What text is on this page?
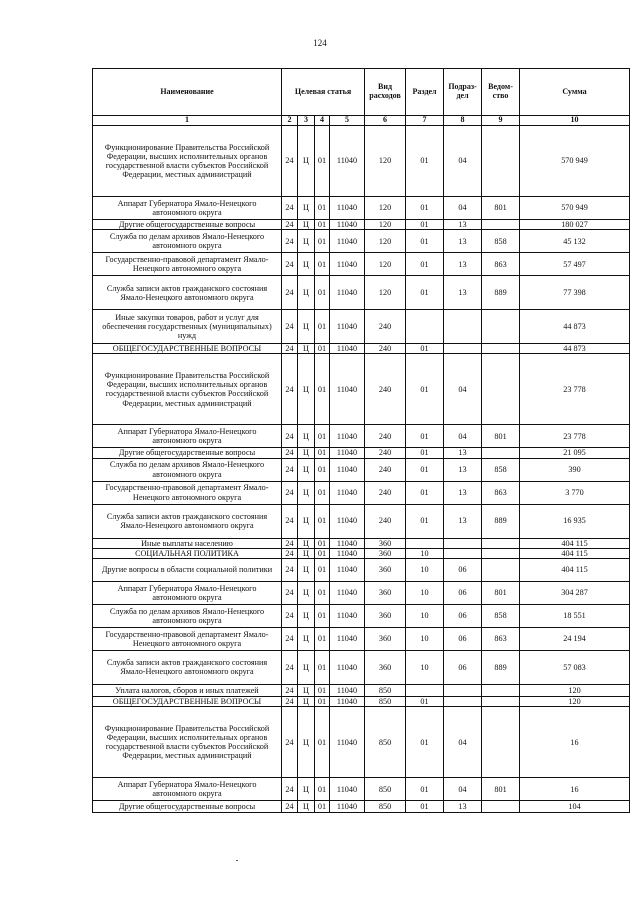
124
Наименование	Целевая статья				Вид расходов	Раздел	Подраз- дел	Ведом- ство	Сумма
1	2	3	4	5	6	7	8	9	10
Функционирование Правительства Российской Федерации, высших исполнительных органов государственной власти субъектов Российской Федерации, местных администраций	24	Ц	01	11040	120	01	04		570 949
Аппарат Губернатора Ямало-Ненецкого автономного округа	24	Ц	01	11040	120	01	04	801	570 949
Другие общегосударственные вопросы	24	Ц	01	11040	120	01	13		180 027
Служба по делам архивов Ямало-Ненецкого автономного округа	24	Ц	01	11040	120	01	13	858	45 132
Государственно-правовой департамент Ямало-Ненецкого автономного округа	24	Ц	01	11040	120	01	13	863	57 497
Служба записи актов гражданского состояния Ямало-Ненецкого автономного округа	24	Ц	01	11040	120	01	13	889	77 398
Иные закупки товаров, работ и услуг для обеспечения государственных (муниципальных) нужд	24	Ц	01	11040	240				44 873
ОБЩЕГОСУДАРСТВЕННЫЕ ВОПРОСЫ	24	Ц	01	11040	240	01			44 873
Функционирование Правительства Российской Федерации, высших исполнительных органов государственной власти субъектов Российской Федерации, местных администраций	24	Ц	01	11040	240	01	04		23 778
Аппарат Губернатора Ямало-Ненецкого автономного округа	24	Ц	01	11040	240	01	04	801	23 778
Другие общегосударственные вопросы	24	Ц	01	11040	240	01	13		21 095
Служба по делам архивов Ямало-Ненецкого автономного округа	24	Ц	01	11040	240	01	13	858	390
Государственно-правовой департамент Ямало-Ненецкого автономного округа	24	Ц	01	11040	240	01	13	863	3 770
Служба записи актов гражданского состояния Ямало-Ненецкого автономного округа	24	Ц	01	11040	240	01	13	889	16 935
Иные выплаты населению	24	Ц	01	11040	360				404 115
СОЦИАЛЬНАЯ ПОЛИТИКА	24	Ц	01	11040	360	10			404 115
Другие вопросы в области социальной политики	24	Ц	01	11040	360	10	06		404 115
Аппарат Губернатора Ямало-Ненецкого автономного округа	24	Ц	01	11040	360	10	06	801	304 287
Служба по делам архивов Ямало-Ненецкого автономного округа	24	Ц	01	11040	360	10	06	858	18 551
Государственно-правовой департамент Ямало-Ненецкого автономного округа	24	Ц	01	11040	360	10	06	863	24 194
Служба записи актов гражданского состояния Ямало-Ненецкого автономного округа	24	Ц	01	11040	360	10	06	889	57 083
Уплата налогов, сборов и иных платежей	24	Ц	01	11040	850				120
ОБЩЕГОСУДАРСТВЕННЫЕ ВОПРОСЫ	24	Ц	01	11040	850	01			120
Функционирование Правительства Российской Федерации, высших исполнительных органов государственной власти субъектов Российской Федерации, местных администраций	24	Ц	01	11040	850	01	04		16
Аппарат Губернатора Ямало-Ненецкого автономного округа	24	Ц	01	11040	850	01	04	801	16
Другие общегосударственные вопросы	24	Ц	01	11040	850	01	13		104
